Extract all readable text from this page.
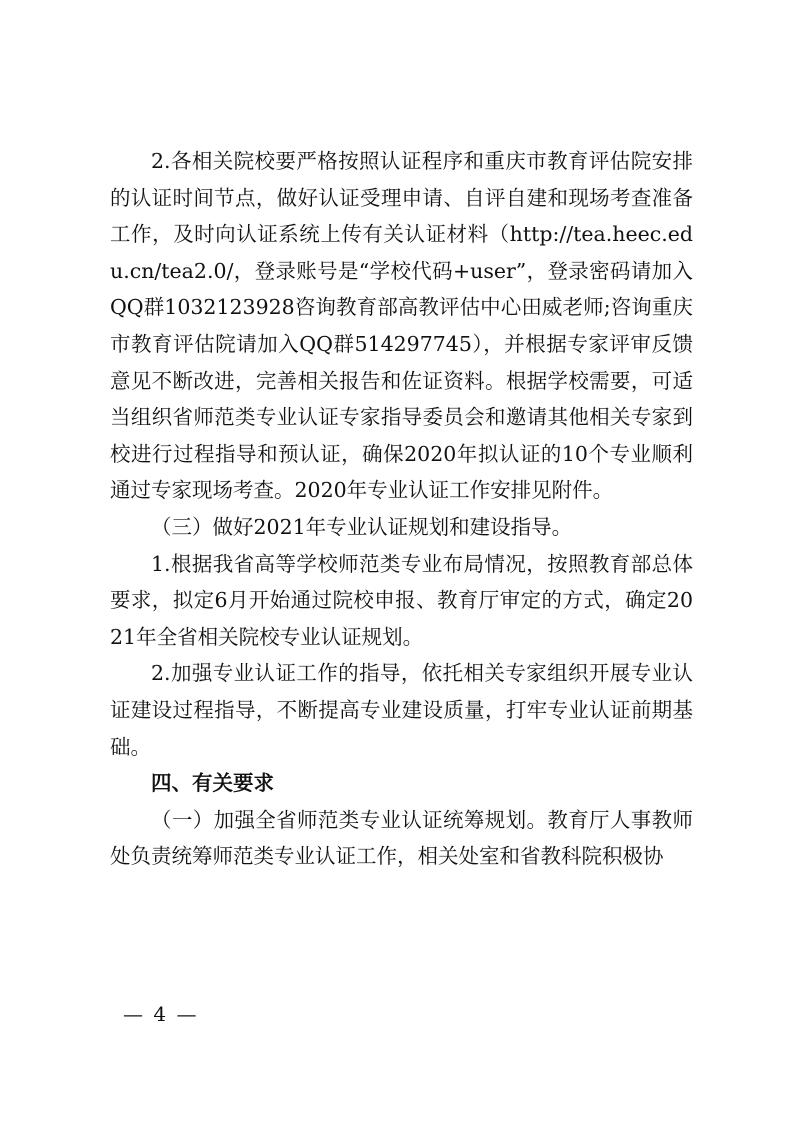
2.各相关院校要严格按照认证程序和重庆市教育评估院安排的认证时间节点，做好认证受理申请、自评自建和现场考查准备工作，及时向认证系统上传有关认证材料（http://tea.heec.edu.cn/tea2.0/，登录账号是“学校代码+user”，登录密码请加入QQ群1032123928咨询教育部高教评估中心田威老师;咨询重庆市教育评估院请加入QQ群514297745），并根据专家评审反馈意见不断改进，完善相关报告和佐证资料。根据学校需要，可适当组织省师范类专业认证专家指导委员会和邀请其他相关专家到校进行过程指导和预认证，确保2020年拟认证的10个专业顺利通过专家现场考查。2020年专业认证工作安排见附件。

（三）做好2021年专业认证规划和建设指导。

1.根据我省高等学校师范类专业布局情况，按照教育部总体要求，拟定6月开始通过院校申报、教育厅审定的方式，确定2021年全省相关院校专业认证规划。

2.加强专业认证工作的指导，依托相关专家组织开展专业认证建设过程指导，不断提高专业建设质量，打牢专业认证前期基础。

四、有关要求

（一）加强全省师范类专业认证统筹规划。教育厅人事教师处负责统筹师范类专业认证工作，相关处室和省教科院积极协

— 4 —
